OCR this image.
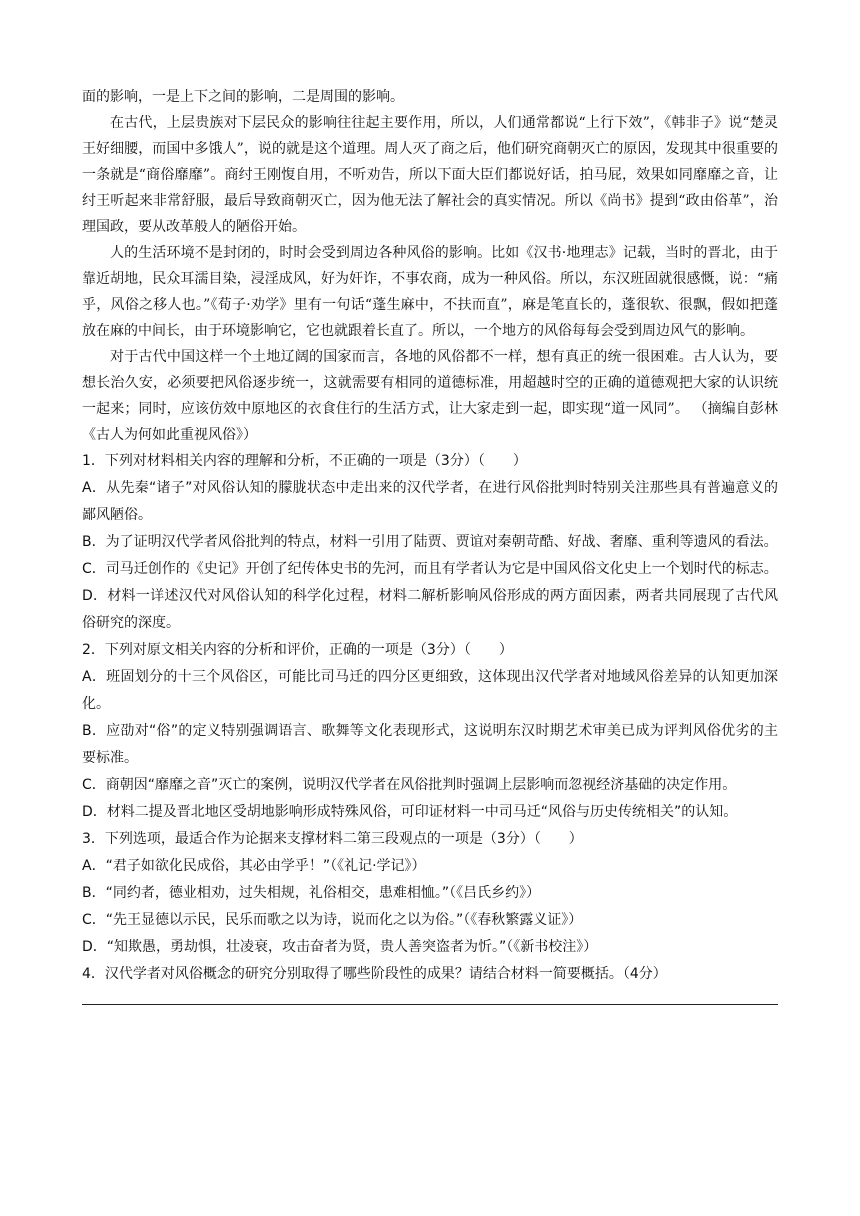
面的影响，一是上下之间的影响，二是周围的影响。

在古代，上层贵族对下层民众的影响往往起主要作用，所以，人们通常都说“上行下效”，《韩非子》说“楚灵王好细腰，而国中多饿人”，说的就是这个道理。周人灭了商之后，他们研究商朝灭亡的原因，发现其中很重要的一条就是“商俗靡靡”。商纣王刚愎自用，不听劝告，所以下面大臣们都说好话，拍马屁，效果如同靡靡之音，让纣王听起来非常舒服，最后导致商朝灭亡，因为他无法了解社会的真实情况。所以《尚书》提到“政由俗革”，治理国政，要从改革般人的陋俗开始。

人的生活环境不是封闭的，时时会受到周边各种风俗的影响。比如《汉书·地理志》记载，当时的晋北，由于靠近胡地，民众耳濡目染，浸淫成风，好为奸诈，不事农商，成为一种风俗。所以，东汉班固就很感慨，说：“痛乎，风俗之移人也。”《荀子·劝学》里有一句话“蓬生麻中，不扶而直”，麻是笔直长的，蓬很软、很飘，假如把蓬放在麻的中间长，由于环境影响它，它也就跟着长直了。所以，一个地方的风俗每每会受到周边风气的影响。

对于古代中国这样一个土地辽阔的国家而言，各地的风俗都不一样，想有真正的统一很困难。古人认为，要想长治久安，必须要把风俗逐步统一，这就需要有相同的道德标准，用超越时空的正确的道德观把大家的认识统一起来；同时，应该仿效中原地区的衣食住行的生活方式，让大家走到一起，即实现“道一风同”。 （摘编自彭林《古人为何如此重视风俗》）

1．下列对材料相关内容的理解和分析，不正确的一项是（3分）（　　）

A．从先秦“诸子”对风俗认知的朦胧状态中走出来的汉代学者，在进行风俗批判时特别关注那些具有普遍意义的鄙风陋俗。

B．为了证明汉代学者风俗批判的特点，材料一引用了陆贾、贾谊对秦朝苛酷、好战、奢靡、重利等遗风的看法。

C．司马迁创作的《史记》开创了纪传体史书的先河，而且有学者认为它是中国风俗文化史上一个划时代的标志。

D．材料一详述汉代对风俗认知的科学化过程，材料二解析影响风俗形成的两方面因素，两者共同展现了古代风俗研究的深度。

2．下列对原文相关内容的分析和评价，正确的一项是（3分）（　　）

A．班固划分的十三个风俗区，可能比司马迁的四分区更细致，这体现出汉代学者对地域风俗差异的认知更加深化。

B．应劭对“俗”的定义特别强调语言、歌舞等文化表现形式，这说明东汉时期艺术审美已成为评判风俗优劣的主要标准。

C．商朝因“靡靡之音”灭亡的案例，说明汉代学者在风俗批判时强调上层影响而忽视经济基础的决定作用。

D．材料二提及晋北地区受胡地影响形成特殊风俗，可印证材料一中司马迁“风俗与历史传统相关”的认知。

3．下列选项，最适合作为论据来支撑材料二第三段观点的一项是（3分）（　　）

A．“君子如欲化民成俗，其必由学乎！”（《礼记·学记》）

B．“同约者，德业相劝，过失相规，礼俗相交，患难相恤。”（《吕氏乡约》）

C．“先王显德以示民，民乐而歌之以为诗，说而化之以为俗。”（《春秋繁露义证》）

D．“知欺愚，勇劫惧，壮凌衰，攻击奋者为贤，贵人善突盗者为忻。”（《新书校注》）

4．汉代学者对风俗概念的研究分别取得了哪些阶段性的成果？请结合材料一简要概括。（4分）
